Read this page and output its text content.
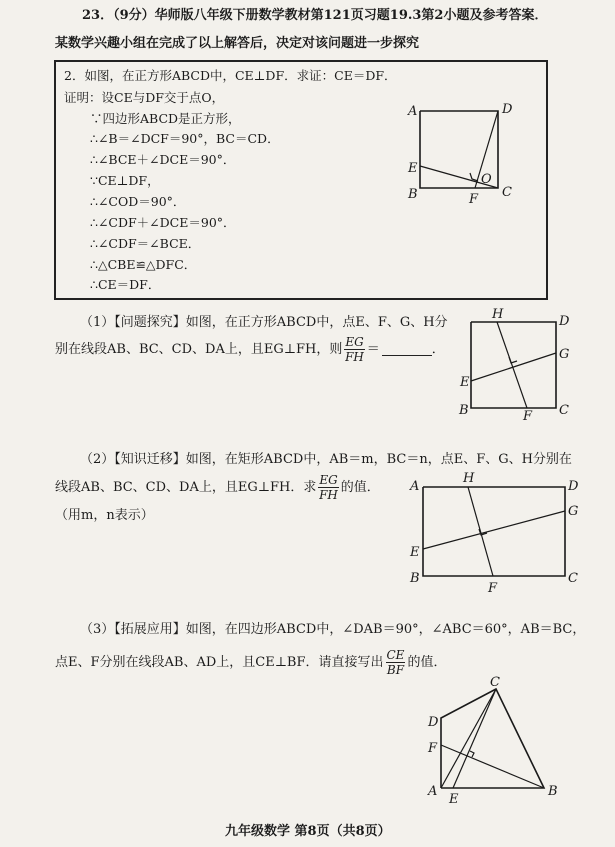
23．（9分）华师版八年级下册数学教材第121页习题19.3第2小题及参考答案．
某数学兴趣小组在完成了以上解答后，决定对该问题进一步探究
2．如图，在正方形ABCD中，CE⊥DF．求证：CE＝DF．
证明：设CE与DF交于点O，
∵四边形ABCD是正方形，
∴∠B＝∠DCF＝90°，BC＝CD．
∴∠BCE＋∠DCE＝90°．
∵CE⊥DF，
∴∠COD＝90°．
∴∠CDF＋∠DCE＝90°．
∴∠CDF＝∠BCE．
∴△CBE≌△DFC．
∴CE＝DF．
A	D
B	C
E
F
O
（1）【问题探究】如图，在正方形ABCD中，点E、F、G、H分
别在线段AB、BC、CD、DA上，且EG⊥FH，则 $\frac{EG}{FH}$ ＝	．
H	D
G
E
B	F C
（2）【知识迁移】如图，在矩形ABCD中，AB＝m，BC＝n，点E、F、G、H分别在
线段AB、BC、CD、DA上，且EG⊥FH．求 $\frac{EG}{FH}$ 的值．
（用m，n表示）
A
H
D
G
E
B
F
C
（3）【拓展应用】如图，在四边形ABCD中，∠DAB＝90°，∠ABC＝60°，AB＝BC，
点E、F分别在线段AB、AD上，且CE⊥BF．请直接写出 $\frac{CE}{BF}$ 的值．
C
D
F
A
E
B
九年级数学 第8页（共8页）
